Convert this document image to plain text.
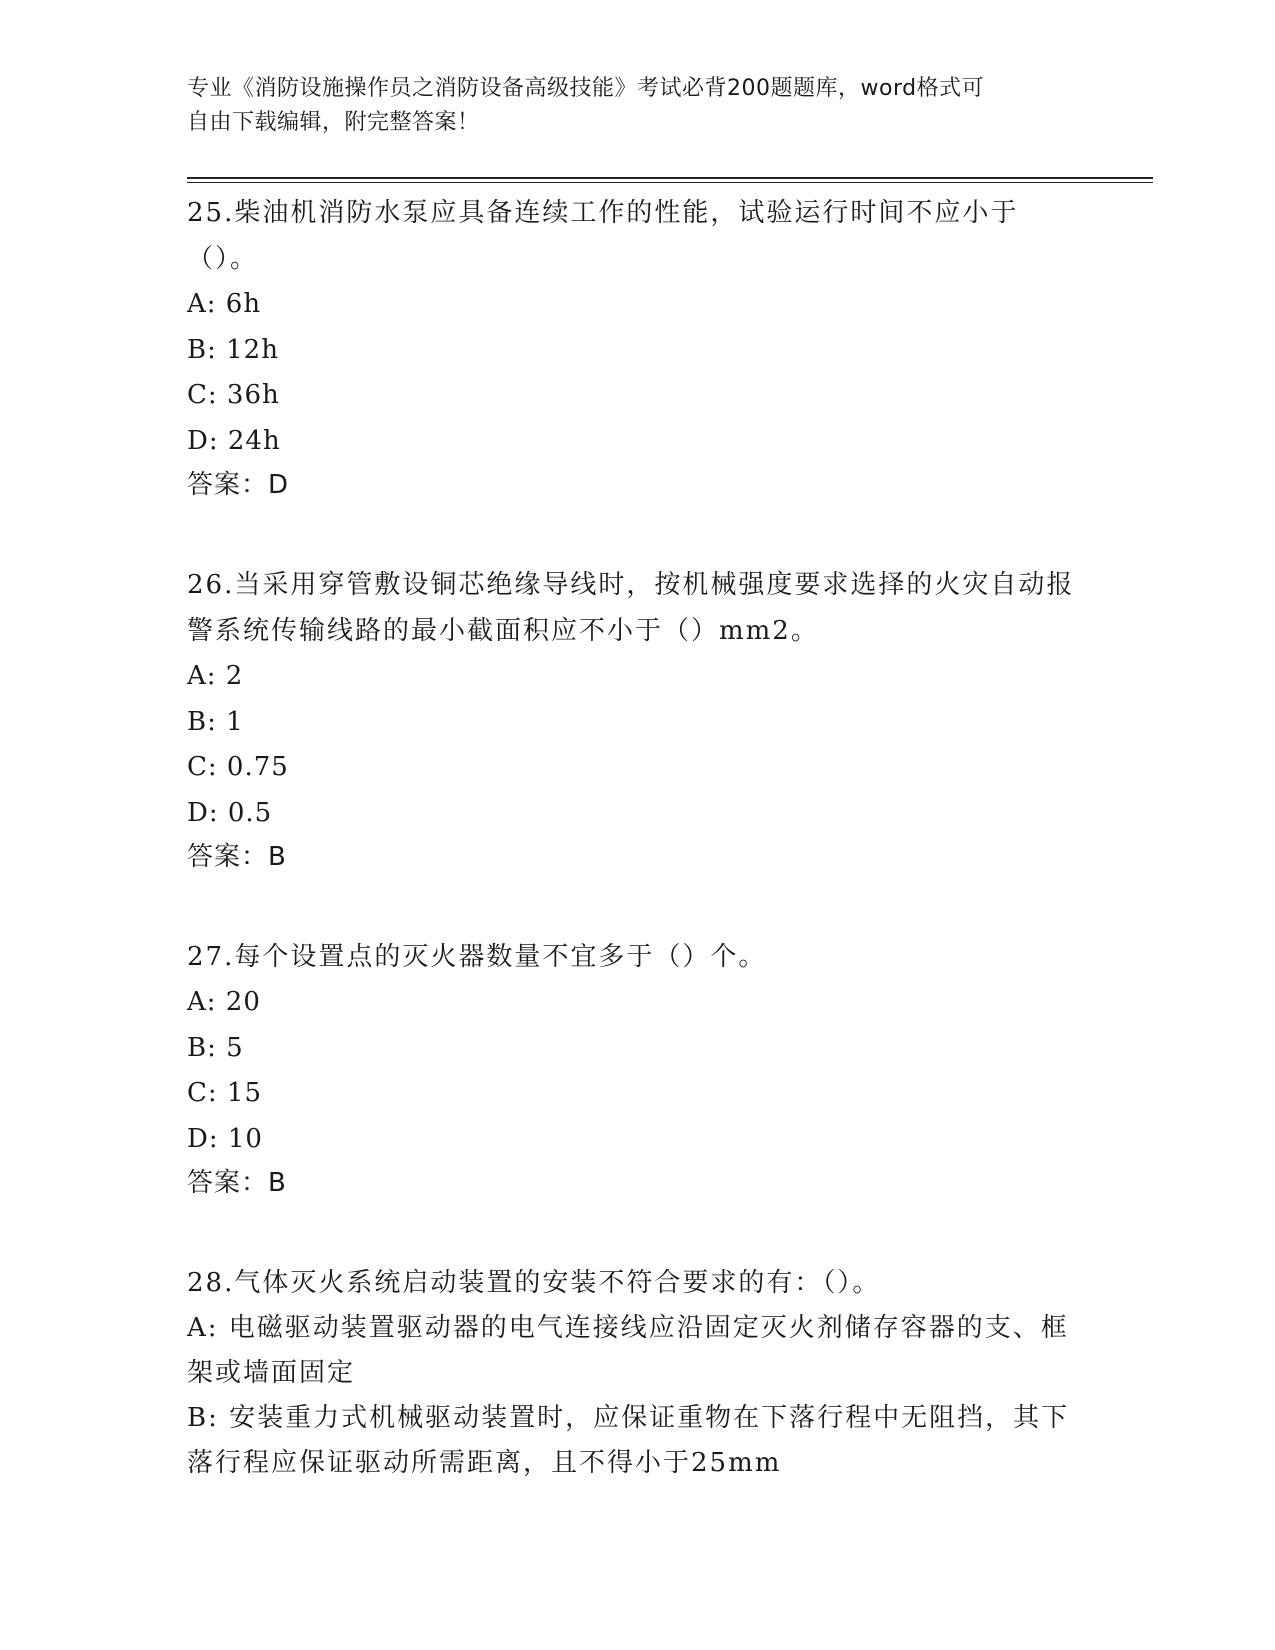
专业《消防设施操作员之消防设备高级技能》考试必背200题题库，word格式可
自由下载编辑，附完整答案！

25.柴油机消防水泵应具备连续工作的性能，试验运行时间不应小于（）。

A: 6h

B: 12h

C: 36h

D: 24h

答案：D

26.当采用穿管敷设铜芯绝缘导线时，按机械强度要求选择的火灾自动报警系统传输线路的最小截面积应不小于（）mm2。

A: 2

B: 1

C: 0.75

D: 0.5

答案：B

27.每个设置点的灭火器数量不宜多于（）个。

A: 20

B: 5

C: 15

D: 10

答案：B

28.气体灭火系统启动装置的安装不符合要求的有：（）。

A: 电磁驱动装置驱动器的电气连接线应沿固定灭火剂储存容器的支、框架或墙面固定

B: 安装重力式机械驱动装置时，应保证重物在下落行程中无阻挡，其下落行程应保证驱动所需距离，且不得小于25mm
